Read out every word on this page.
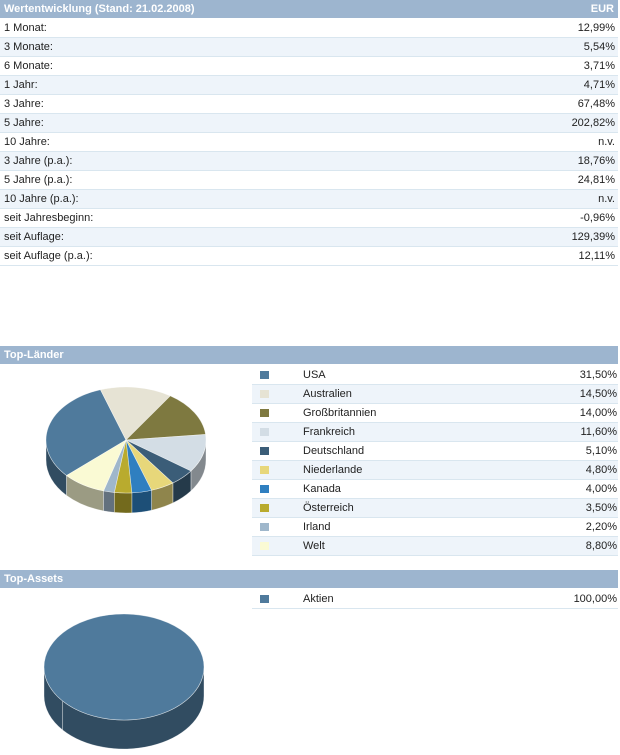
Wertentwicklung (Stand: 21.02.2008)	EUR
1 Monat:	12,99%
3 Monate:	5,54%
6 Monate:	3,71%
1 Jahr:	4,71%
3 Jahre:	67,48%
5 Jahre:	202,82%
10 Jahre:	n.v.
3 Jahre (p.a.):	18,76%
5 Jahre (p.a.):	24,81%
10 Jahre (p.a.):	n.v.
seit Jahresbeginn:	-0,96%
seit Auflage:	129,39%
seit Auflage (p.a.):	12,11%
Top-Länder
USA	31,50%
Australien	14,50%
Großbritannien	14,00%
Frankreich	11,60%
Deutschland	5,10%
Niederlande	4,80%
Kanada	4,00%
Österreich	3,50%
Irland	2,20%
Welt	8,80%
Top-Assets
Aktien	100,00%
